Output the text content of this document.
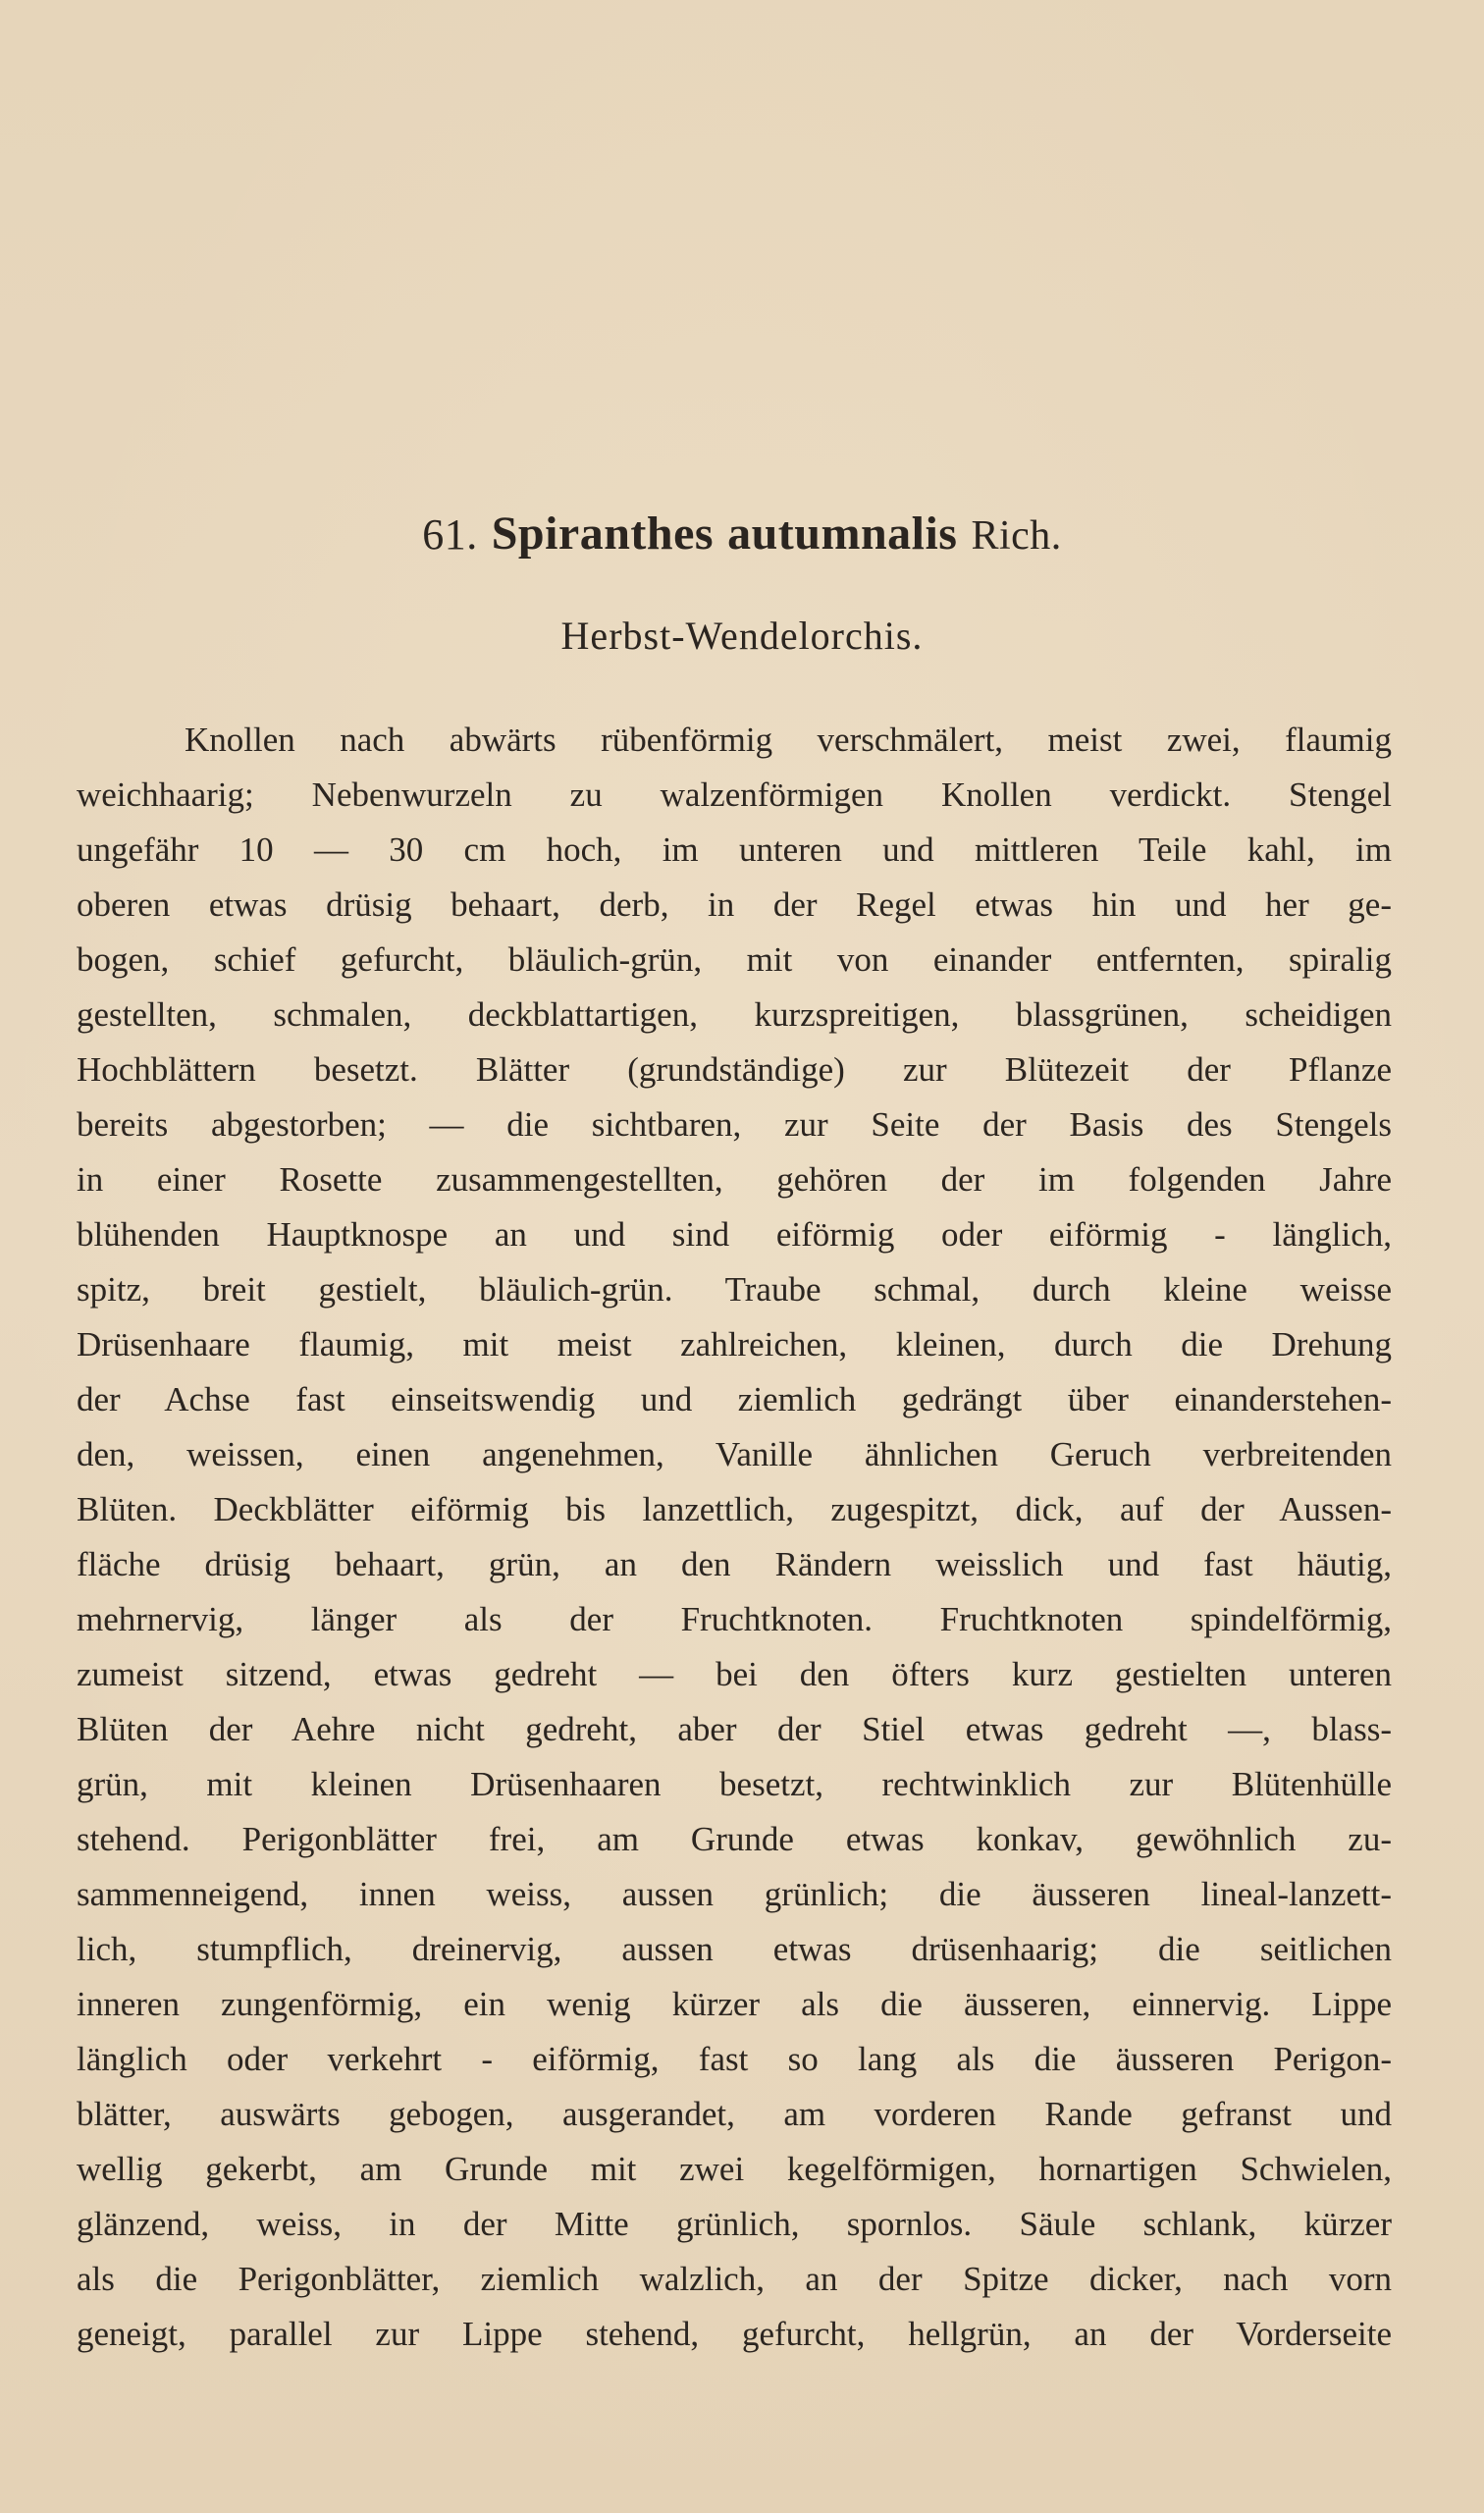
61. Spiranthes autumnalis Rich.
Herbst-Wendelorchis.
Knollen nach abwärts rübenförmig verschmälert, meist zwei, flaumig
weichhaarig; Nebenwurzeln zu walzenförmigen Knollen verdickt. Stengel
ungefähr 10 — 30 cm hoch, im unteren und mittleren Teile kahl, im
oberen etwas drüsig behaart, derb, in der Regel etwas hin und her ge-
bogen, schief gefurcht, bläulich-grün, mit von einander entfernten, spiralig
gestellten, schmalen, deckblattartigen, kurzspreitigen, blassgrünen, scheidigen
Hochblättern besetzt. Blätter (grundständige) zur Blütezeit der Pflanze
bereits abgestorben; — die sichtbaren, zur Seite der Basis des Stengels
in einer Rosette zusammengestellten, gehören der im folgenden Jahre
blühenden Hauptknospe an und sind eiförmig oder eiförmig - länglich,
spitz, breit gestielt, bläulich-grün. Traube schmal, durch kleine weisse
Drüsenhaare flaumig, mit meist zahlreichen, kleinen, durch die Drehung
der Achse fast einseitswendig und ziemlich gedrängt über einanderstehen-
den, weissen, einen angenehmen, Vanille ähnlichen Geruch verbreitenden
Blüten. Deckblätter eiförmig bis lanzettlich, zugespitzt, dick, auf der Aussen-
fläche drüsig behaart, grün, an den Rändern weisslich und fast häutig,
mehrnervig, länger als der Fruchtknoten. Fruchtknoten spindelförmig,
zumeist sitzend, etwas gedreht — bei den öfters kurz gestielten unteren
Blüten der Aehre nicht gedreht, aber der Stiel etwas gedreht —, blass-
grün, mit kleinen Drüsenhaaren besetzt, rechtwinklich zur Blütenhülle
stehend. Perigonblätter frei, am Grunde etwas konkav, gewöhnlich zu-
sammenneigend, innen weiss, aussen grünlich; die äusseren lineal-lanzett-
lich, stumpflich, dreinervig, aussen etwas drüsenhaarig; die seitlichen
inneren zungenförmig, ein wenig kürzer als die äusseren, einnervig. Lippe
länglich oder verkehrt - eiförmig, fast so lang als die äusseren Perigon-
blätter, auswärts gebogen, ausgerandet, am vorderen Rande gefranst und
wellig gekerbt, am Grunde mit zwei kegelförmigen, hornartigen Schwielen,
glänzend, weiss, in der Mitte grünlich, spornlos. Säule schlank, kürzer
als die Perigonblätter, ziemlich walzlich, an der Spitze dicker, nach vorn
geneigt, parallel zur Lippe stehend, gefurcht, hellgrün, an der Vorderseite
